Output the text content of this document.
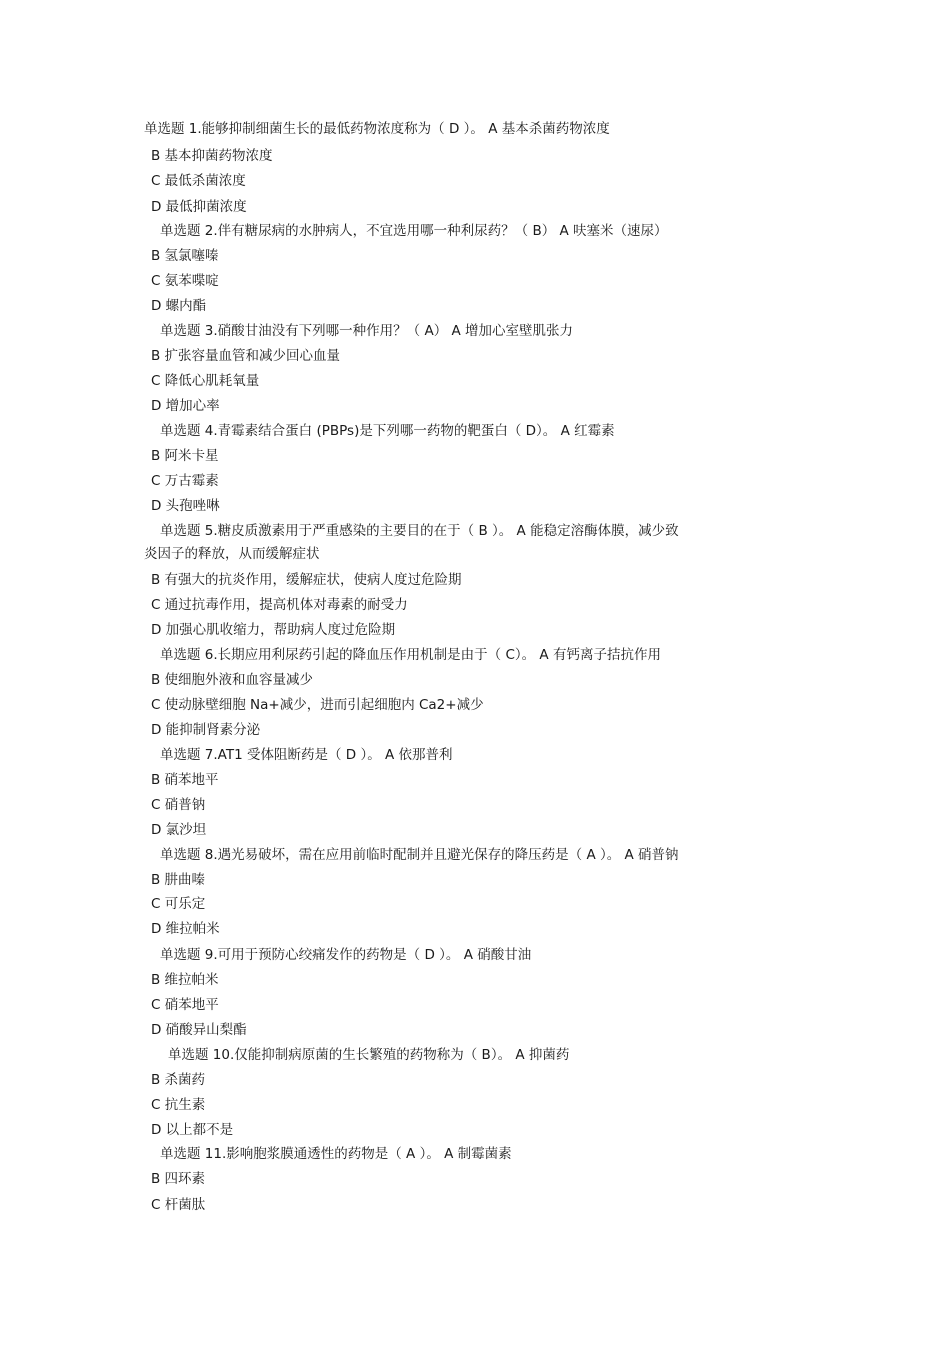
单选题 1.能够抑制细菌生长的最低药物浓度称为（ D ）。 A 基本杀菌药物浓度
B 基本抑菌药物浓度
C 最低杀菌浓度
D 最低抑菌浓度
单选题 2.伴有糖尿病的水肿病人，不宜选用哪一种利尿药？（ B） A 呋塞米（速尿）
B 氢氯噻嗪
C 氨苯喋啶
D 螺内酯
单选题 3.硝酸甘油没有下列哪一种作用？（ A） A 增加心室壁肌张力
B 扩张容量血管和减少回心血量
C 降低心肌耗氧量
D 增加心率
单选题 4.青霉素结合蛋白 (PBPs)是下列哪一药物的靶蛋白（ D）。 A 红霉素
B 阿米卡星
C 万古霉素
D 头孢唑啉
单选题 5.糖皮质激素用于严重感染的主要目的在于（ B ）。 A 能稳定溶酶体膜，减少致
炎因子的释放，从而缓解症状
B 有强大的抗炎作用，缓解症状，使病人度过危险期
C 通过抗毒作用，提高机体对毒素的耐受力
D 加强心肌收缩力，帮助病人度过危险期
单选题 6.长期应用利尿药引起的降血压作用机制是由于（ C）。 A 有钙离子拮抗作用
B 使细胞外液和血容量减少
C 使动脉壁细胞 Na+减少，进而引起细胞内 Ca2+减少
D 能抑制肾素分泌
单选题 7.AT1 受体阻断药是（ D ）。 A 依那普利
B 硝苯地平
C 硝普钠
D 氯沙坦
单选题 8.遇光易破坏，需在应用前临时配制并且避光保存的降压药是（ A ）。 A 硝普钠
B 肼曲嗪
C 可乐定
D 维拉帕米
单选题 9.可用于预防心绞痛发作的药物是（ D ）。 A 硝酸甘油
B 维拉帕米
C 硝苯地平
D 硝酸异山梨酯
单选题 10.仅能抑制病原菌的生长繁殖的药物称为（ B）。 A 抑菌药
B 杀菌药
C 抗生素
D 以上都不是
单选题 11.影响胞浆膜通透性的药物是（ A ）。 A 制霉菌素
B 四环素
C 杆菌肽
